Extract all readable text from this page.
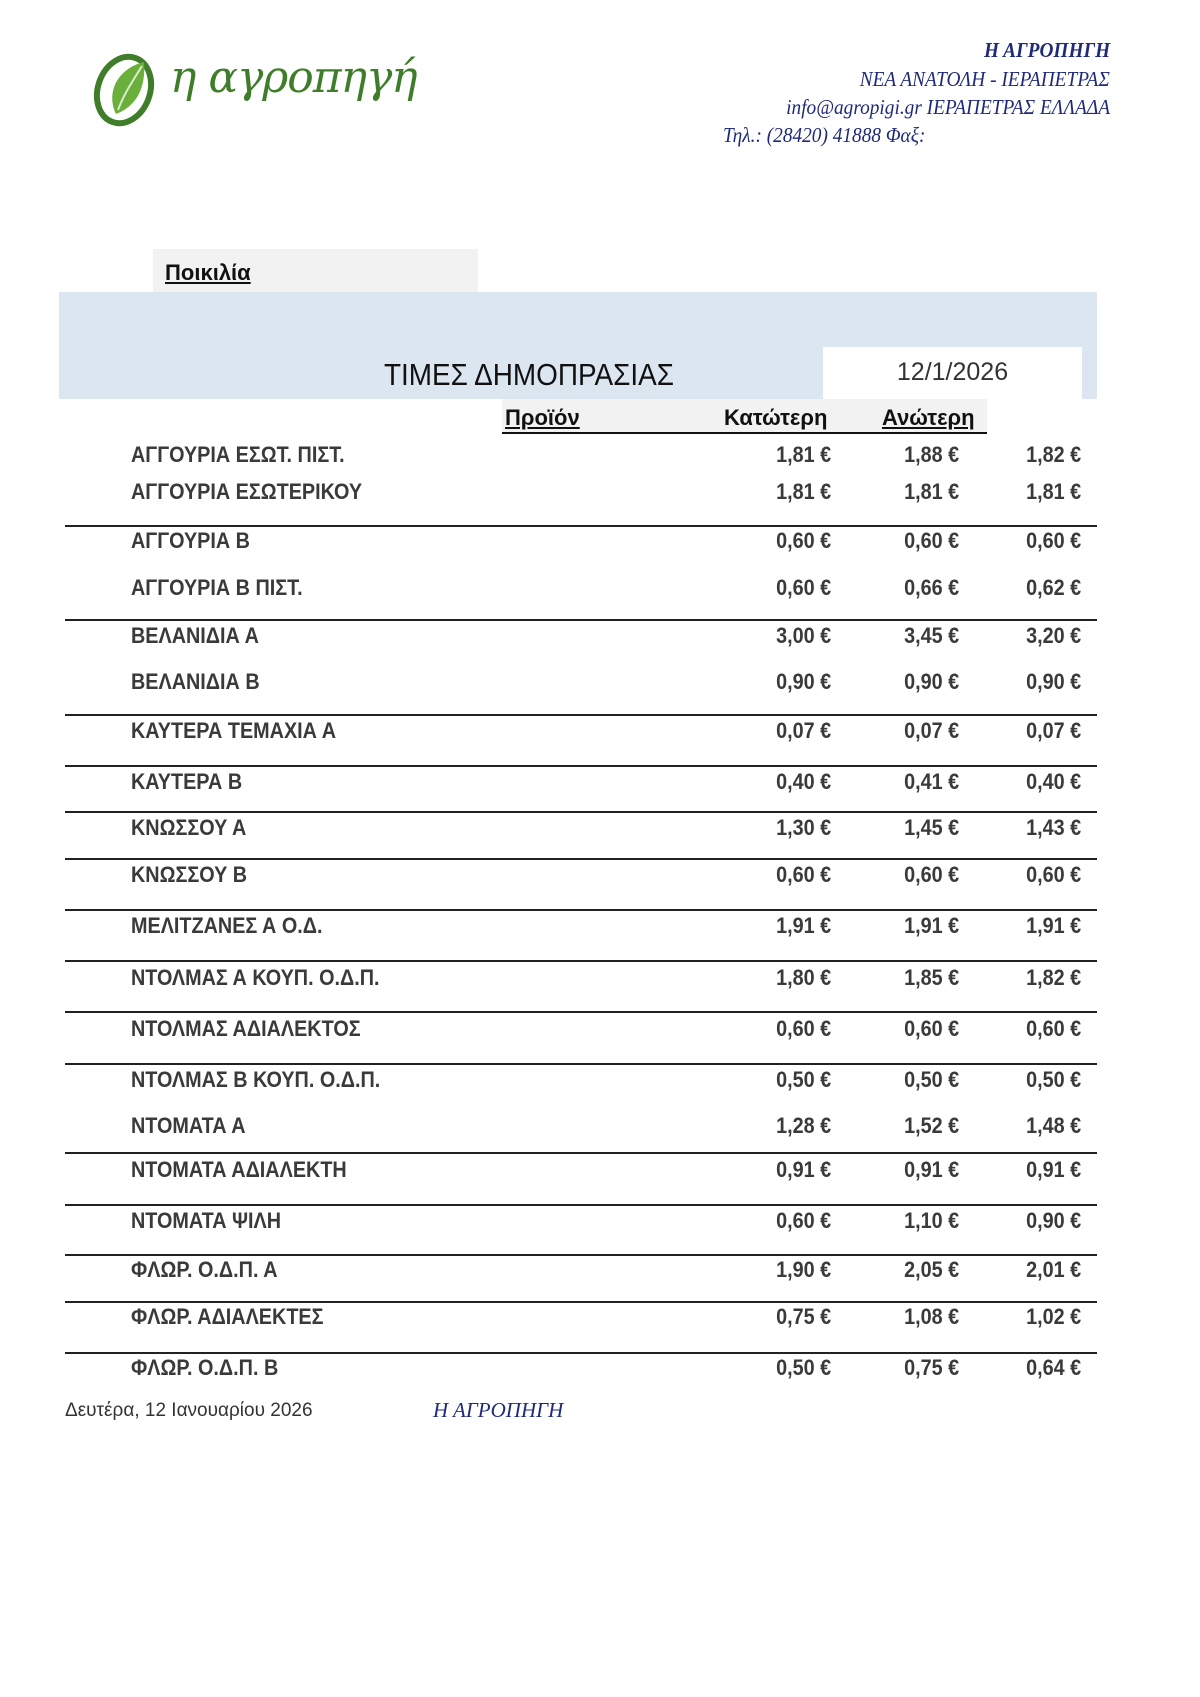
η αγροπηγή
Η ΑΓΡΟΠΗΓΗ
ΝΕΑ ΑΝΑΤΟΛΗ - ΙΕΡΑΠΕΤΡΑΣ
info@agropigi.gr ΙΕΡΑΠΕΤΡΑΣ ΕΛΛΑΔΑ
Τηλ.: (28420) 41888 Φαξ:
Ποικιλία
ΤΙΜΕΣ ΔΗΜΟΠΡΑΣΙΑΣ	12/1/2026
Προϊόν	Κατώτερη Ανώτερη
ΑΓΓΟΥΡΙΑ ΕΣΩΤ. ΠΙΣΤ.	1,81 €	1,88 €	1,82 €
ΑΓΓΟΥΡΙΑ ΕΣΩΤΕΡΙΚΟΥ	1,81 €	1,81 €	1,81 €
ΑΓΓΟΥΡΙΑ Β	0,60 €	0,60 €	0,60 €
ΑΓΓΟΥΡΙΑ Β ΠΙΣΤ.	0,60 €	0,66 €	0,62 €
ΒΕΛΑΝΙΔΙΑ Α	3,00 €	3,45 €	3,20 €
ΒΕΛΑΝΙΔΙΑ Β	0,90 €	0,90 €	0,90 €
ΚΑΥΤΕΡΑ ΤΕΜΑΧΙΑ Α	0,07 €	0,07 €	0,07 €
ΚΑΥΤΕΡΑ Β	0,40 €	0,41 €	0,40 €
ΚΝΩΣΣΟΥ Α	1,30 €	1,45 €	1,43 €
ΚΝΩΣΣΟΥ Β	0,60 €	0,60 €	0,60 €
ΜΕΛΙΤΖΑΝΕΣ Α Ο.Δ.	1,91 €	1,91 €	1,91 €
ΝΤΟΛΜΑΣ Α ΚΟΥΠ. Ο.Δ.Π.	1,80 €	1,85 €	1,82 €
ΝΤΟΛΜΑΣ ΑΔΙΑΛΕΚΤΟΣ	0,60 €	0,60 €	0,60 €
ΝΤΟΛΜΑΣ Β ΚΟΥΠ. Ο.Δ.Π.	0,50 €	0,50 €	0,50 €
ΝΤΟΜΑΤΑ Α	1,28 €	1,52 €	1,48 €
ΝΤΟΜΑΤΑ ΑΔΙΑΛΕΚΤΗ	0,91 €	0,91 €	0,91 €
ΝΤΟΜΑΤΑ ΨΙΛΗ	0,60 €	1,10 €	0,90 €
ΦΛΩΡ. Ο.Δ.Π. Α	1,90 €	2,05 €	2,01 €
ΦΛΩΡ. ΑΔΙΑΛΕΚΤΕΣ	0,75 €	1,08 €	1,02 €
ΦΛΩΡ. Ο.Δ.Π. Β	0,50 €	0,75 €	0,64 €
Δευτέρα, 12 Ιανουαρίου 2026	Η ΑΓΡΟΠΗΓΗ
